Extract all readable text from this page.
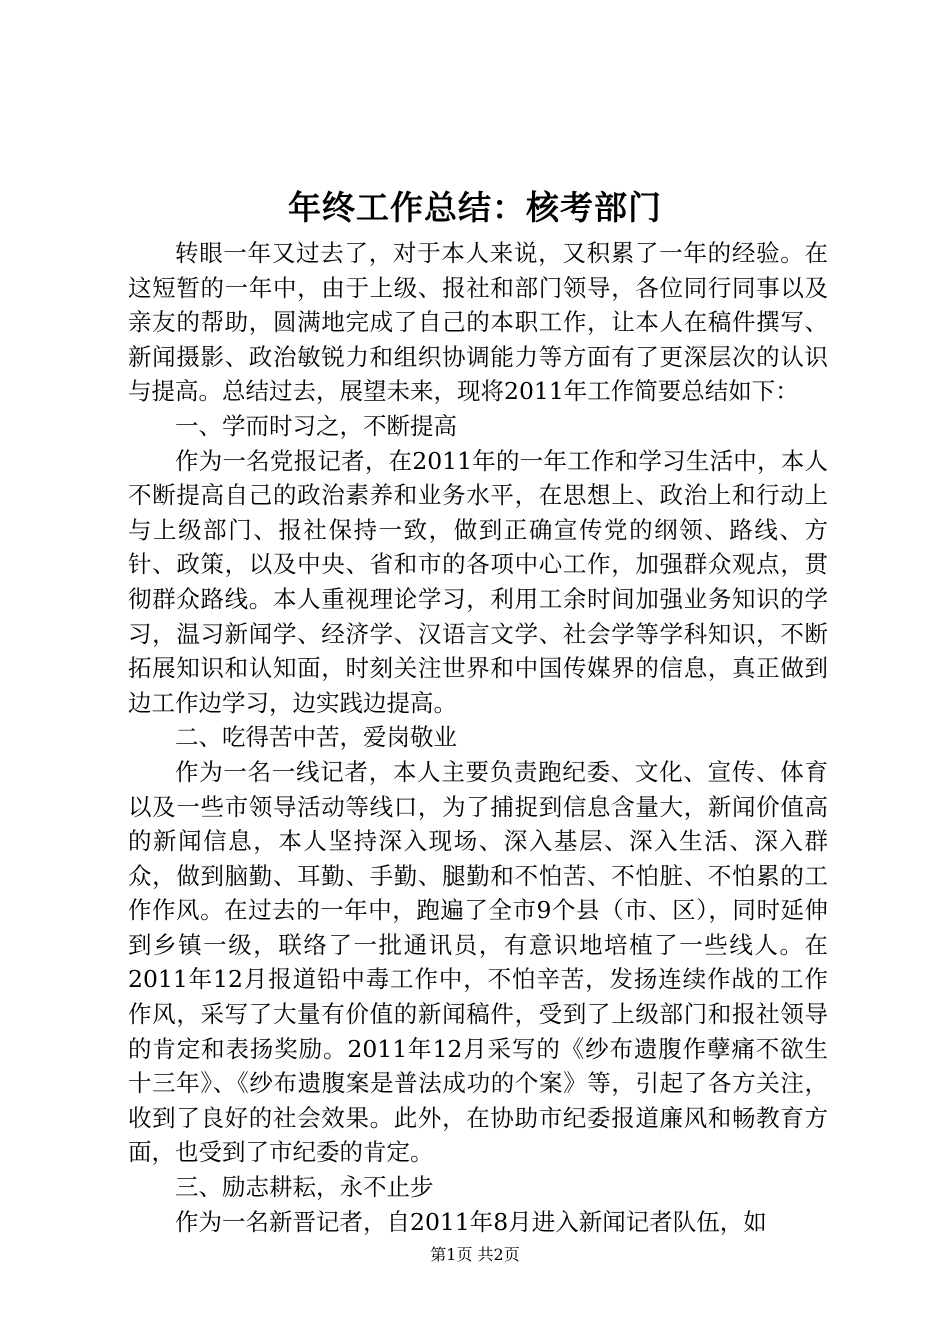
年终工作总结：核考部门

转眼一年又过去了，对于本人来说，又积累了一年的经验。在这短暂的一年中，由于上级、报社和部门领导，各位同行同事以及亲友的帮助，圆满地完成了自己的本职工作，让本人在稿件撰写、新闻摄影、政治敏锐力和组织协调能力等方面有了更深层次的认识与提高。总结过去，展望未来，现将2011年工作简要总结如下：

一、学而时习之，不断提高

作为一名党报记者，在2011年的一年工作和学习生活中，本人不断提高自己的政治素养和业务水平，在思想上、政治上和行动上与上级部门、报社保持一致，做到正确宣传党的纲领、路线、方针、政策，以及中央、省和市的各项中心工作，加强群众观点，贯彻群众路线。本人重视理论学习，利用工余时间加强业务知识的学习，温习新闻学、经济学、汉语言文学、社会学等学科知识，不断拓展知识和认知面，时刻关注世界和中国传媒界的信息，真正做到边工作边学习，边实践边提高。

二、吃得苦中苦，爱岗敬业

作为一名一线记者，本人主要负责跑纪委、文化、宣传、体育以及一些市领导活动等线口，为了捕捉到信息含量大，新闻价值高的新闻信息，本人坚持深入现场、深入基层、深入生活、深入群众，做到脑勤、耳勤、手勤、腿勤和不怕苦、不怕脏、不怕累的工作作风。在过去的一年中，跑遍了全市9个县（市、区），同时延伸到乡镇一级，联络了一批通讯员，有意识地培植了一些线人。在2011年12月报道铅中毒工作中，不怕辛苦，发扬连续作战的工作作风，采写了大量有价值的新闻稿件，受到了上级部门和报社领导的肯定和表扬奖励。2011年12月采写的《纱布遗腹作孽痛不欲生十三年》、《纱布遗腹案是普法成功的个案》等，引起了各方关注，收到了良好的社会效果。此外，在协助市纪委报道廉风和畅教育方面，也受到了市纪委的肯定。

三、励志耕耘，永不止步

作为一名新晋记者，自2011年8月进入新闻记者队伍，如

第1页 共2页
